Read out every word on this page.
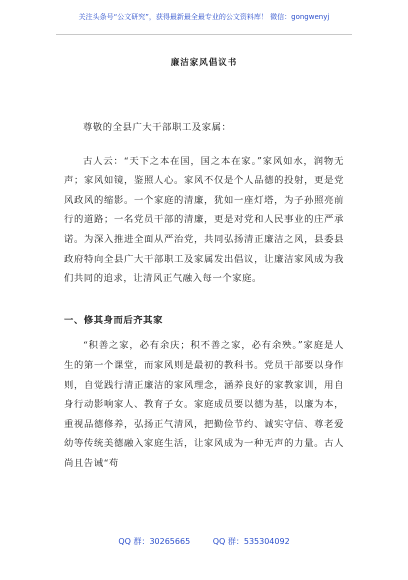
关注头条号“公文研究”，获得最新最全最专业的公文资料库！ 微信：gongwenyj
廉洁家风倡议书

尊敬的全县广大干部职工及家属：

古人云：“天下之本在国，国之本在家。”家风如水，润物无声；家风如镜，鉴照人心。家风不仅是个人品德的投射，更是党风政风的缩影。一个家庭的清廉，犹如一座灯塔，为子孙照亮前行的道路；一名党员干部的清廉，更是对党和人民事业的庄严承诺。为深入推进全面从严治党，共同弘扬清正廉洁之风，县委县政府特向全县广大干部职工及家属发出倡议，让廉洁家风成为我们共同的追求，让清风正气融入每一个家庭。

一、修其身而后齐其家

“积善之家，必有余庆；积不善之家，必有余殃。”家庭是人生的第一个课堂，而家风则是最初的教科书。党员干部要以身作则，自觉践行清正廉洁的家风理念，涵养良好的家教家训，用自身行动影响家人、教育子女。家庭成员要以德为基，以廉为本，重视品德修养，弘扬正气清风，把勤俭节约、诚实守信、尊老爱幼等传统美德融入家庭生活，让家风成为一种无声的力量。古人尚且告诫“苟

QQ 群：30265665	QQ 群：535304092
